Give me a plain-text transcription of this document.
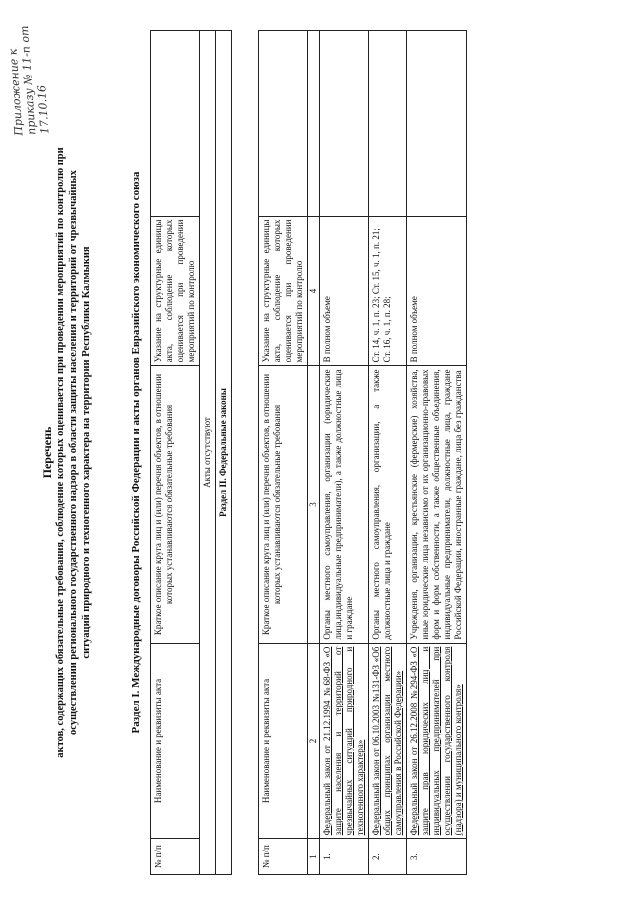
Приложение к приказу № 11-п от 17.10.16
Перечень актов, содержащих обязательные требования, соблюдение которых оценивается при проведении мероприятий по контролю при осуществлении регионального государственного надзора в области защиты населения и территорий от чрезвычайных ситуаций природного и техногенного характера на территории Республики Калмыкия	Раздел I. Международные договоры Российской Федерации и акты органов Евразийского экономического союза
№ п/п	Наименование и реквизиты акта	Краткое описание круга лиц и (или) перечня объектов, в отношении которых устанавливаются обязательные требования	Указание на структурные единицы акта, соблюдение которых оценивается при проведении мероприятий по контролю	
Акты отсутствуют
Раздел II. Федеральные законы
№ п/п	Наименование и реквизиты акта	Краткое описание круга лиц и (или) перечня объектов, в отношении которых устанавливаются обязательные требования	Указание на структурные единицы акта, соблюдение которых оценивается при проведении мероприятий по контролю	
1	2	3	4	
1.	Федеральный закон от 21.12.1994 №68-ФЗ «О защите населения и территорий от чрезвычайных ситуаций природного и техногенного характера»	Органы местного самоуправления, организации (юридические лица,индивидуальные предприниматели), а также должностные лица и граждане	В полном объеме	
2.	Федеральный закон от 06.10.2003 №131-ФЗ «Об общих принципах организации местного самоуправления в Российской Федерации»	Органы местного самоуправления, организации, а также должностные лица и граждане	Ст. 14, ч. 1, п. 23; Ст. 15, ч. 1, п. 21; Ст. 16, ч. 1, п. 28;	
3.	Федеральный закон от 26.12.2008 №294-ФЗ «О защите прав юридических лиц и индивидуальных предпринимателей при осуществлении государственного контроля (надзора) и муниципального контроля»	Учреждения, организации, крестьянские (фермерские) хозяйства, иные юридические лица независимо от их организационно-правовых форм и форм собственности, а также общественные объединения, индивидуальные предприниматели, должностные лица, граждане Российской Федерации, иностранные граждане, лица без гражданства	В полном объеме	
